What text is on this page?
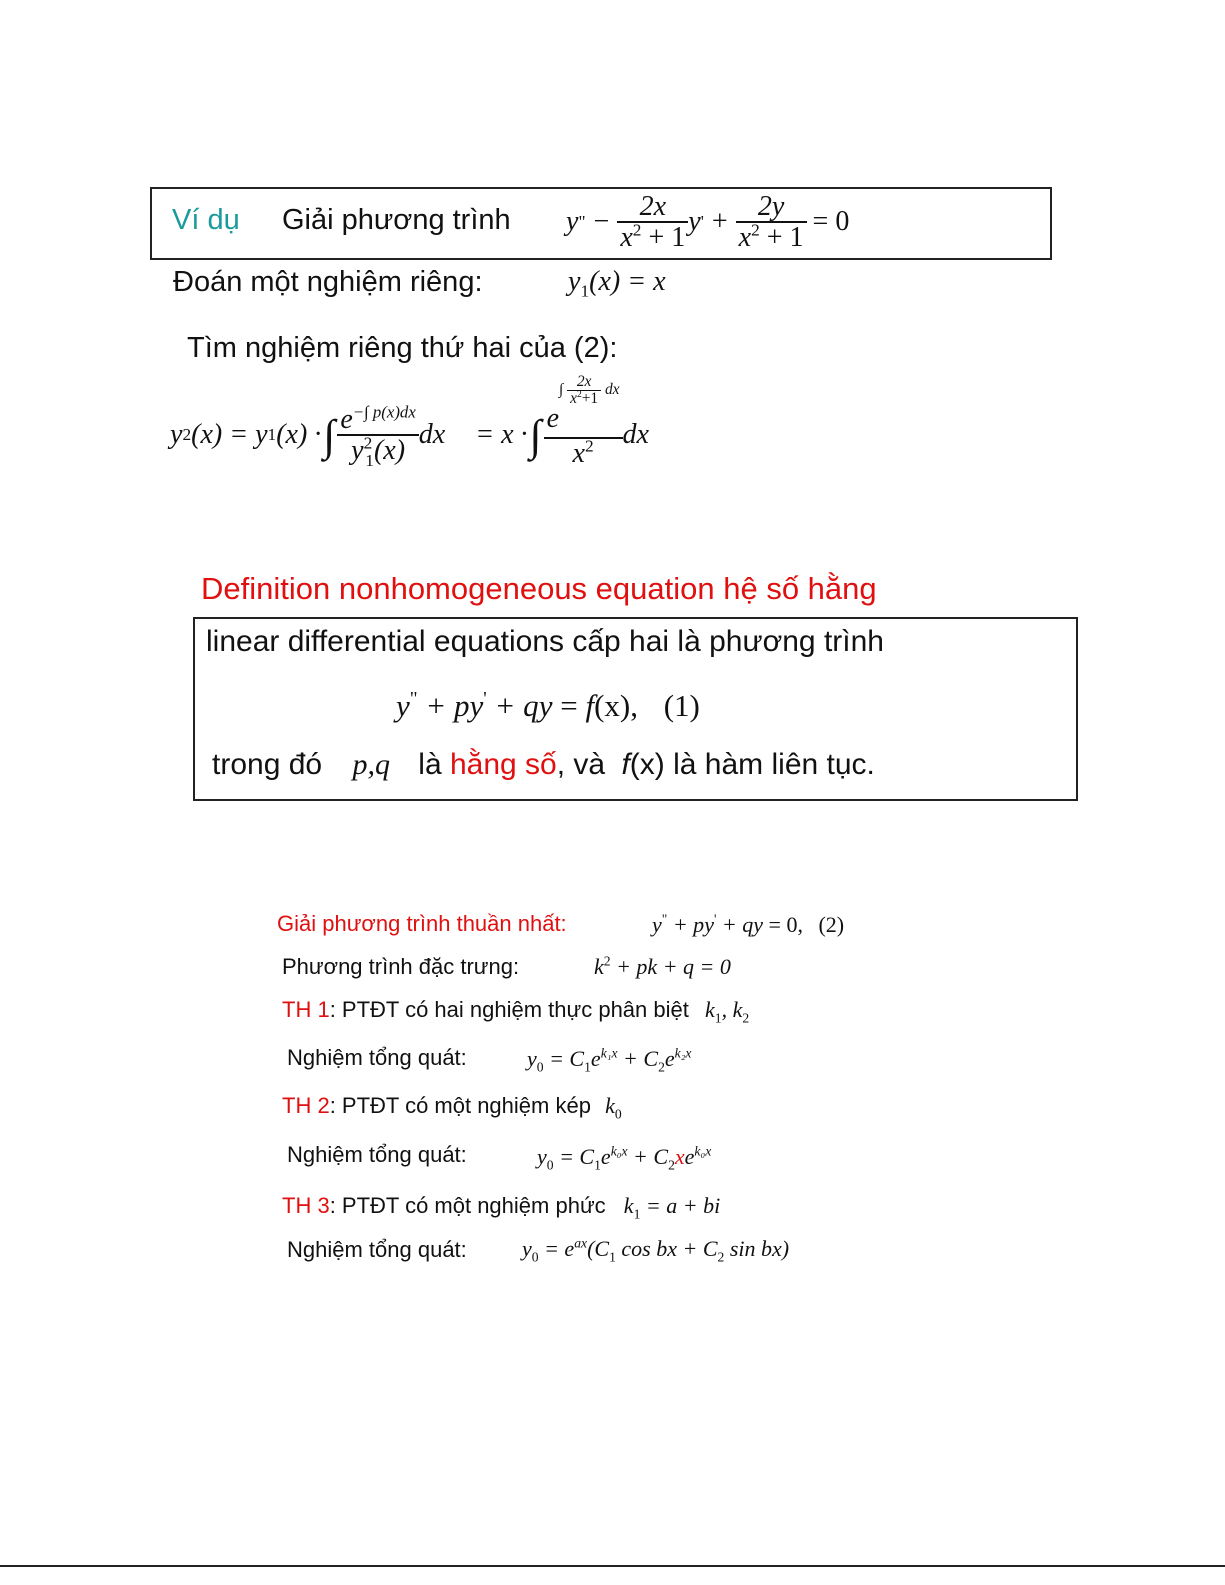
Ví dụ Giải phương trình y " − $\frac{2x}{x^2 + 1}$ y ' + $\frac{2y}{x^2 + 1} = 0$
Đoán một nghiệm riêng:	$y_1(x) = x$
Tìm nghiệm riêng thứ hai của (2):
y 2 (x) = y 1 (x) · ∫ $\frac{e^{-\int p(x)dx}}{y^2_1(x)}$ dx = x · ∫ $\frac{e\int \frac{2x}{x^2+1} dx}{x^2}$ dx
Definition nonhomogeneous equation hệ số hằng
linear differential equations cấp hai là phương trình
y" + py' + qy = f(x), (1)
trong đó p,q là hằng số, và f(x) là hàm liên tục.
Giải phương trình thuần nhất:	y" + py' + qy = 0, (2)
Phương trình đặc trưng:	$k^2$ + pk + q = 0
TH 1: PTĐT có hai nghiệm thực phân biệt $k_1$, $k_2$
Nghiệm tổng quát:	$y_0 = C_1e^{k_1x} + C_2e^{k_2x}$
TH 2: PTĐT có một nghiệm kép $k_0$
Nghiệm tổng quát:	$y_0 = C_1e^{k_0x} + C_2xe^{k_0x}$
TH 3: PTĐT có một nghiệm phức $k_1 = a$ + bi
Nghiệm tổng quát:	$y_0 = e^{ax}(C_1$ cos bx + $C_2$ sin bx)
